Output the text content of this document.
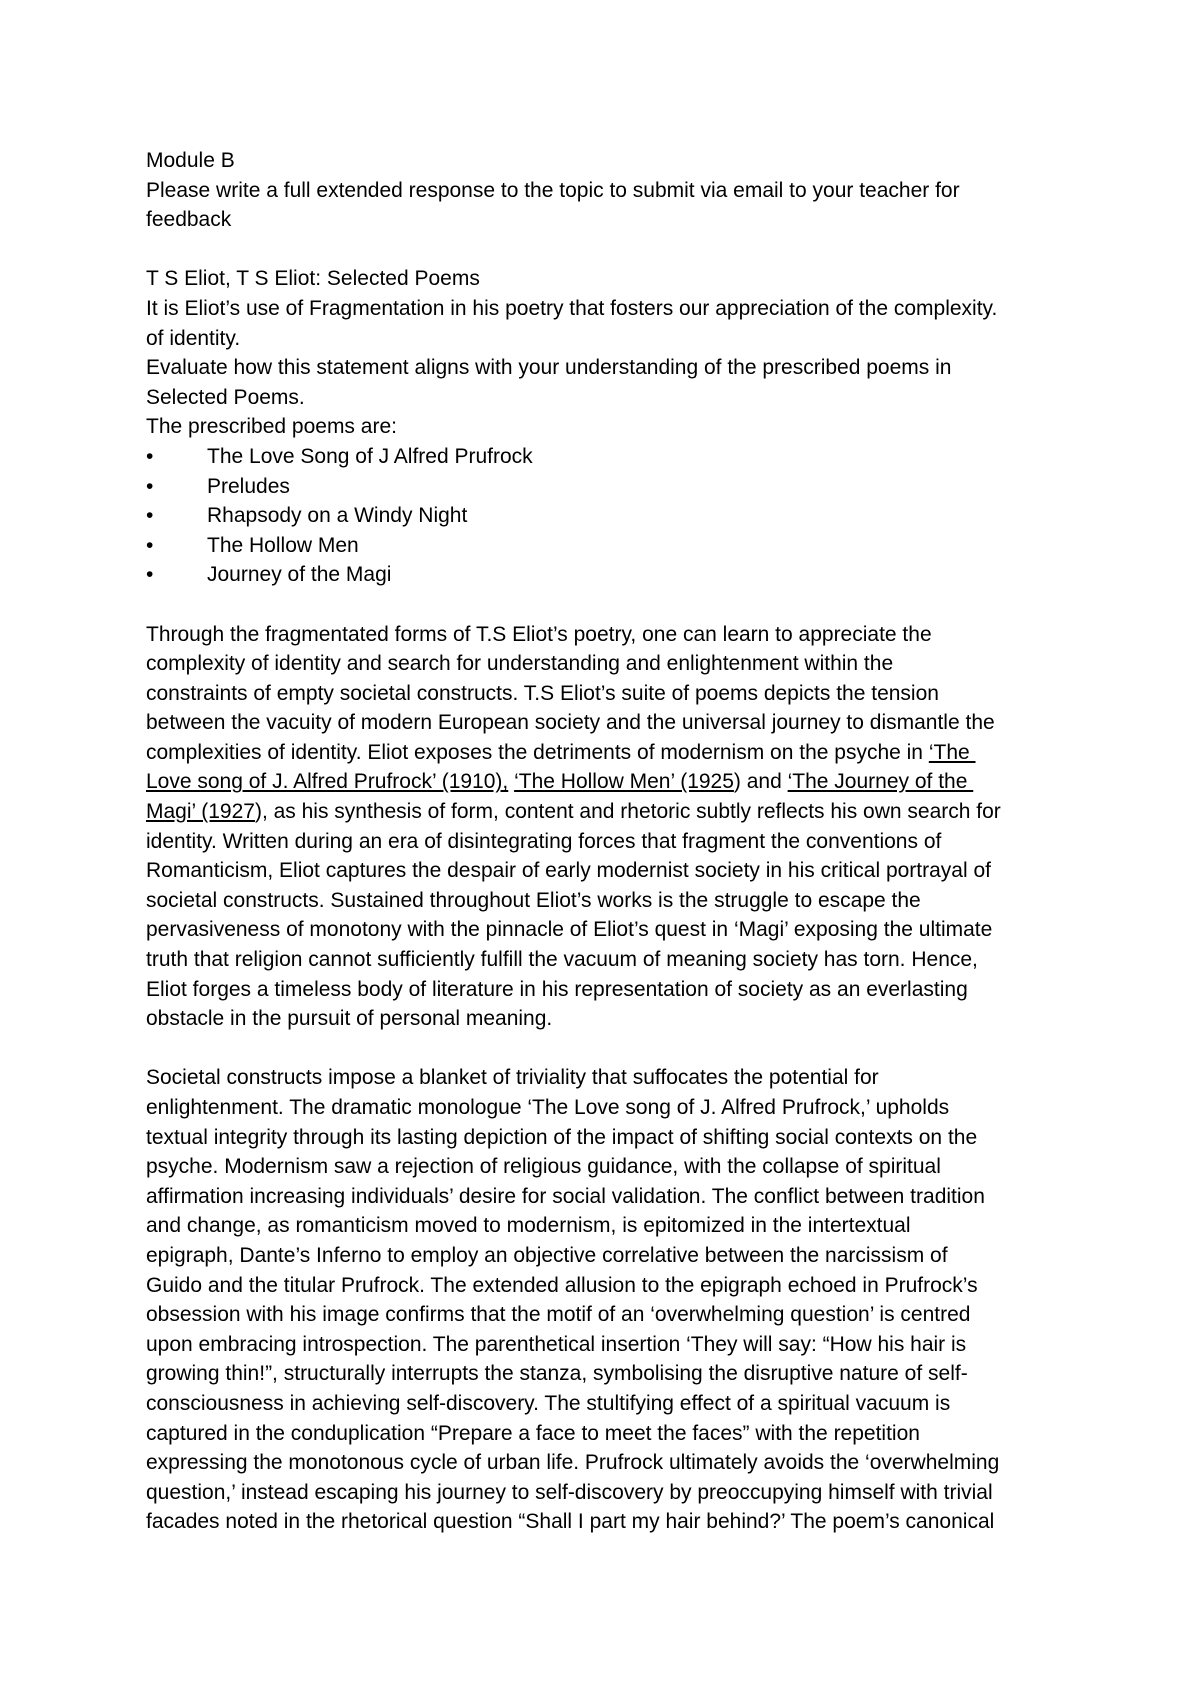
Module B
Please write a full extended response to the topic to submit via email to your teacher for
feedback
T S Eliot, T S Eliot: Selected Poems
It is Eliot’s use of Fragmentation in his poetry that fosters our appreciation of the complexity.
of identity.
Evaluate how this statement aligns with your understanding of the prescribed poems in
Selected Poems.
The prescribed poems are:
•	The Love Song of J Alfred Prufrock
•	Preludes
•	Rhapsody on a Windy Night
•	The Hollow Men
•	Journey of the Magi
Through the fragmentated forms of T.S Eliot’s poetry, one can learn to appreciate the
complexity of identity and search for understanding and enlightenment within the
constraints of empty societal constructs. T.S Eliot’s suite of poems depicts the tension
between the vacuity of modern European society and the universal journey to dismantle the
complexities of identity. Eliot exposes the detriments of modernism on the psyche in ‘The
Love song of J. Alfred Prufrock’ (1910), ‘The Hollow Men’ (1925) and ‘The Journey of the
Magi’ (1927), as his synthesis of form, content and rhetoric subtly reflects his own search for
identity. Written during an era of disintegrating forces that fragment the conventions of
Romanticism, Eliot captures the despair of early modernist society in his critical portrayal of
societal constructs. Sustained throughout Eliot’s works is the struggle to escape the
pervasiveness of monotony with the pinnacle of Eliot’s quest in ‘Magi’ exposing the ultimate
truth that religion cannot sufficiently fulfill the vacuum of meaning society has torn. Hence,
Eliot forges a timeless body of literature in his representation of society as an everlasting
obstacle in the pursuit of personal meaning.
Societal constructs impose a blanket of triviality that suffocates the potential for
enlightenment. The dramatic monologue ‘The Love song of J. Alfred Prufrock,’ upholds
textual integrity through its lasting depiction of the impact of shifting social contexts on the
psyche. Modernism saw a rejection of religious guidance, with the collapse of spiritual
affirmation increasing individuals’ desire for social validation. The conflict between tradition
and change, as romanticism moved to modernism, is epitomized in the intertextual
epigraph, Dante’s Inferno to employ an objective correlative between the narcissism of
Guido and the titular Prufrock. The extended allusion to the epigraph echoed in Prufrock’s
obsession with his image confirms that the motif of an ‘overwhelming question’ is centred
upon embracing introspection. The parenthetical insertion ‘They will say: “How his hair is
growing thin!”, structurally interrupts the stanza, symbolising the disruptive nature of self-
consciousness in achieving self-discovery. The stultifying effect of a spiritual vacuum is
captured in the conduplication “Prepare a face to meet the faces” with the repetition
expressing the monotonous cycle of urban life. Prufrock ultimately avoids the ‘overwhelming
question,’ instead escaping his journey to self-discovery by preoccupying himself with trivial
facades noted in the rhetorical question “Shall I part my hair behind?’ The poem’s canonical
